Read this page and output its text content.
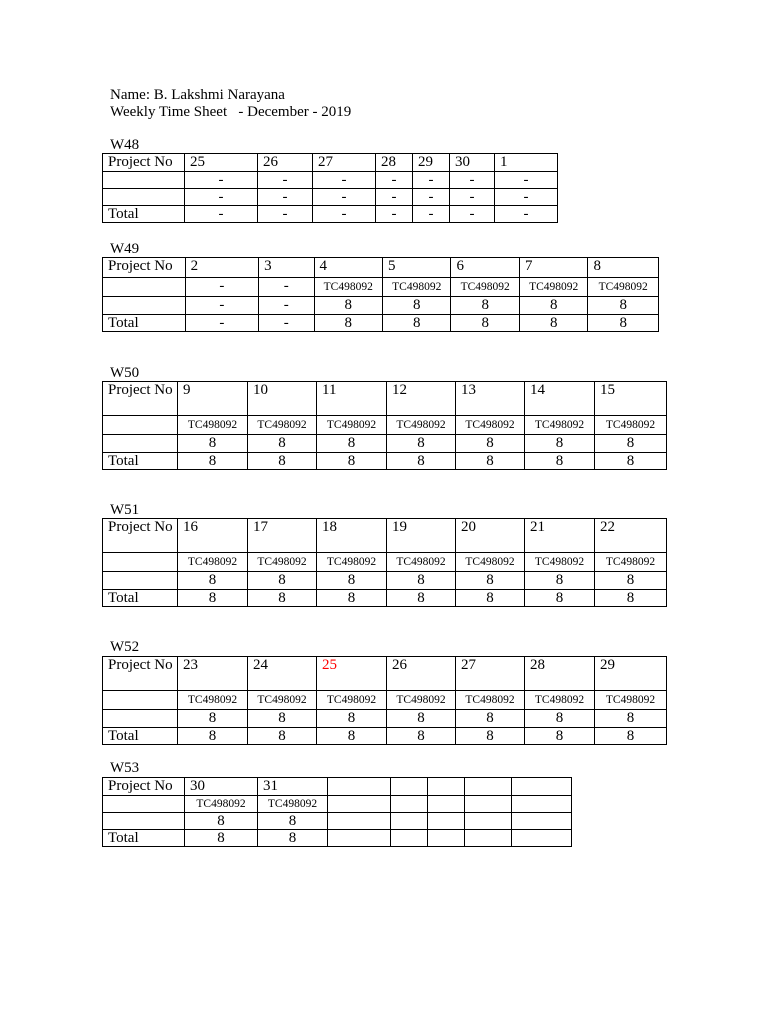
Name: B. Lakshmi Narayana
Weekly Time Sheet   - December - 2019
W48
Project No	25	26	27	28	29	30	1
	-	-	-	-	-	-	-
	-	-	-	-	-	-	-
Total	-	-	-	-	-	-	-
W49
Project No	2	3	4	5	6	7	8
	-	-	TC498092	TC498092	TC498092	TC498092	TC498092
	-	-	8	8	8	8	8
Total	-	-	8	8	8	8	8
W50
Project No	9	10	11	12	13	14	15
	TC498092	TC498092	TC498092	TC498092	TC498092	TC498092	TC498092
	8	8	8	8	8	8	8
Total	8	8	8	8	8	8	8
W51
Project No	16	17	18	19	20	21	22
	TC498092	TC498092	TC498092	TC498092	TC498092	TC498092	TC498092
	8	8	8	8	8	8	8
Total	8	8	8	8	8	8	8
W52
Project No	23	24	25	26	27	28	29
	TC498092	TC498092	TC498092	TC498092	TC498092	TC498092	TC498092
	8	8	8	8	8	8	8
Total	8	8	8	8	8	8	8
W53
Project No	30	31					
	TC498092	TC498092					
	8	8					
Total	8	8					
